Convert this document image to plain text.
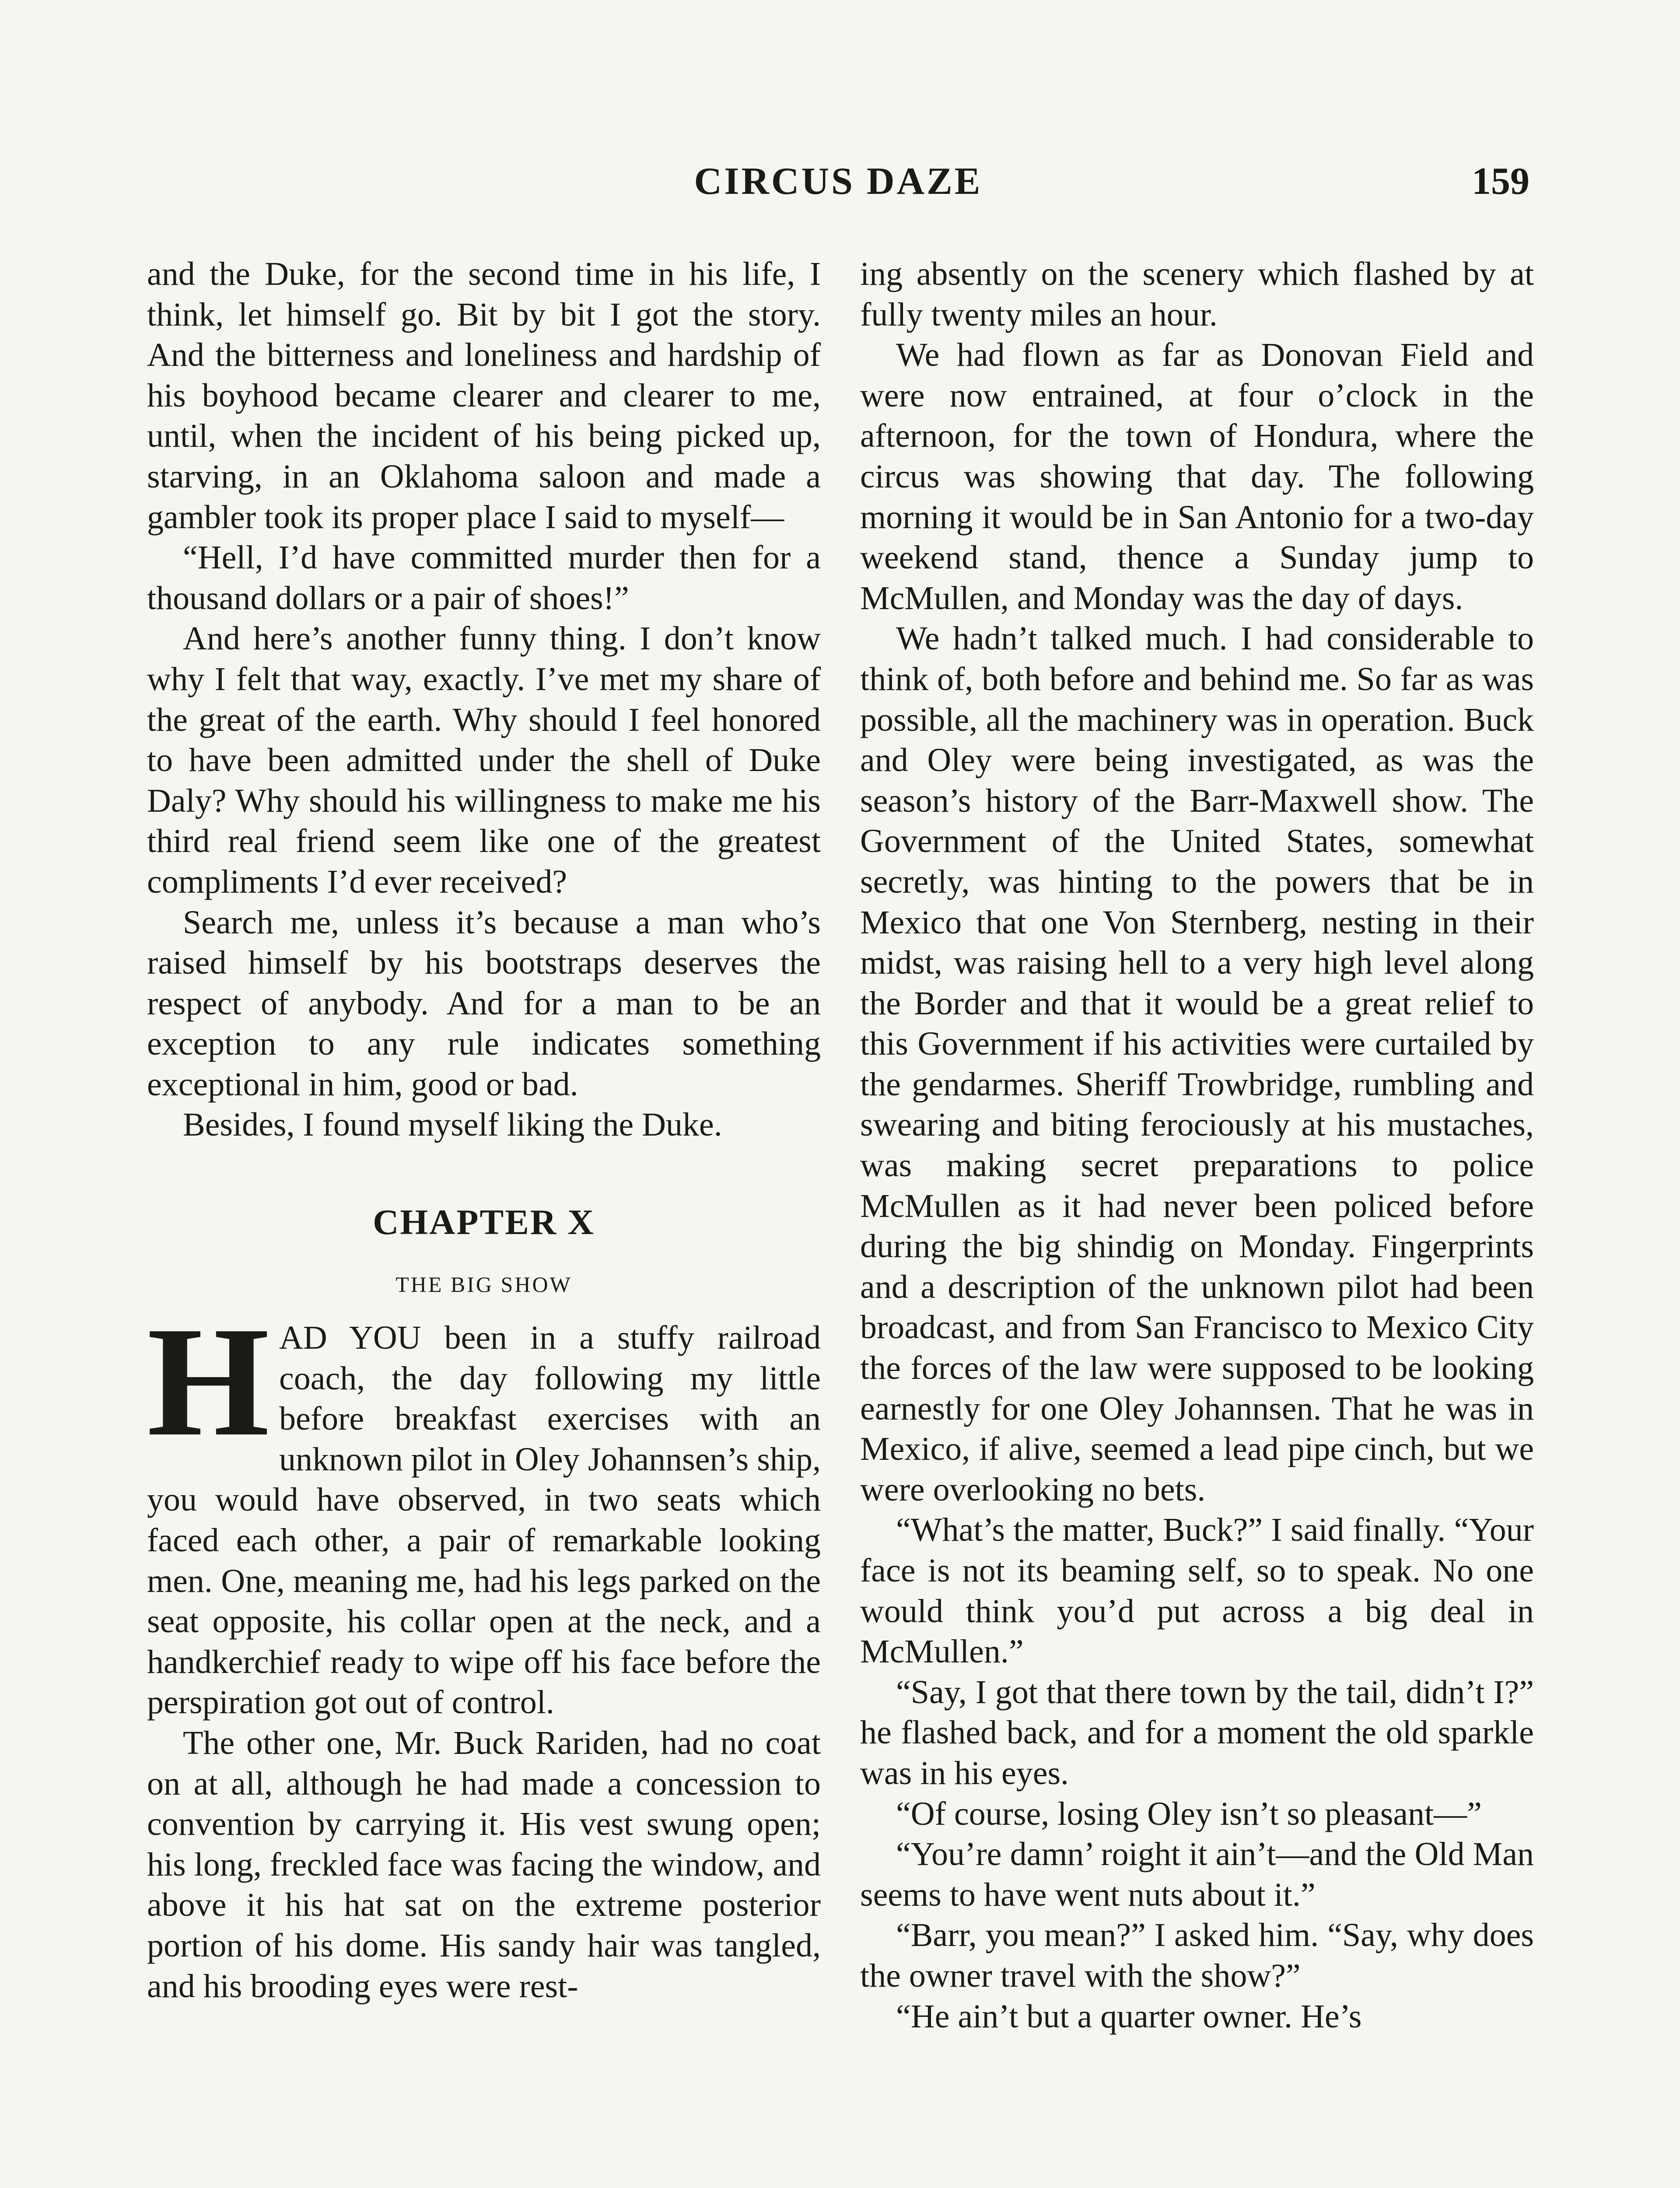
CIRCUS DAZE	159

and the Duke, for the second time in his life, I think, let himself go. Bit by bit I got the story. And the bitterness and loneliness and hardship of his boyhood became clearer and clearer to me, until, when the incident of his being picked up, starving, in an Oklahoma saloon and made a gambler took its proper place I said to myself—

“Hell, I’d have committed murder then for a thousand dollars or a pair of shoes!”

And here’s another funny thing. I don’t know why I felt that way, exactly. I’ve met my share of the great of the earth. Why should I feel honored to have been admitted under the shell of Duke Daly? Why should his willingness to make me his third real friend seem like one of the greatest compliments I’d ever received?

Search me, unless it’s because a man who’s raised himself by his bootstraps deserves the respect of anybody. And for a man to be an exception to any rule indicates something exceptional in him, good or bad.

Besides, I found myself liking the Duke.

CHAPTER X
THE BIG SHOW

HAD YOU been in a stuffy railroad coach, the day following my little before breakfast exercises with an unknown pilot in Oley Johannsen’s ship, you would have observed, in two seats which faced each other, a pair of remarkable looking men. One, meaning me, had his legs parked on the seat opposite, his collar open at the neck, and a handkerchief ready to wipe off his face before the perspiration got out of control.

The other one, Mr. Buck Rariden, had no coat on at all, although he had made a concession to convention by carrying it. His vest swung open; his long, freckled face was facing the window, and above it his hat sat on the extreme posterior portion of his dome. His sandy hair was tangled, and his brooding eyes were rest-

ing absently on the scenery which flashed by at fully twenty miles an hour.

We had flown as far as Donovan Field and were now entrained, at four o’clock in the afternoon, for the town of Hondura, where the circus was showing that day. The following morning it would be in San Antonio for a two-day weekend stand, thence a Sunday jump to McMullen, and Monday was the day of days.

We hadn’t talked much. I had considerable to think of, both before and behind me. So far as was possible, all the machinery was in operation. Buck and Oley were being investigated, as was the season’s history of the Barr-Maxwell show. The Government of the United States, somewhat secretly, was hinting to the powers that be in Mexico that one Von Sternberg, nesting in their midst, was raising hell to a very high level along the Border and that it would be a great relief to this Government if his activities were curtailed by the gendarmes. Sheriff Trowbridge, rumbling and swearing and biting ferociously at his mustaches, was making secret preparations to police McMullen as it had never been policed before during the big shindig on Monday. Fingerprints and a description of the unknown pilot had been broadcast, and from San Francisco to Mexico City the forces of the law were supposed to be looking earnestly for one Oley Johannsen. That he was in Mexico, if alive, seemed a lead pipe cinch, but we were overlooking no bets.

“What’s the matter, Buck?” I said finally. “Your face is not its beaming self, so to speak. No one would think you’d put across a big deal in McMullen.”

“Say, I got that there town by the tail, didn’t I?” he flashed back, and for a moment the old sparkle was in his eyes.

“Of course, losing Oley isn’t so pleasant—”

“You’re damn’ roight it ain’t—and the Old Man seems to have went nuts about it.”

“Barr, you mean?” I asked him. “Say, why does the owner travel with the show?”

“He ain’t but a quarter owner. He’s
